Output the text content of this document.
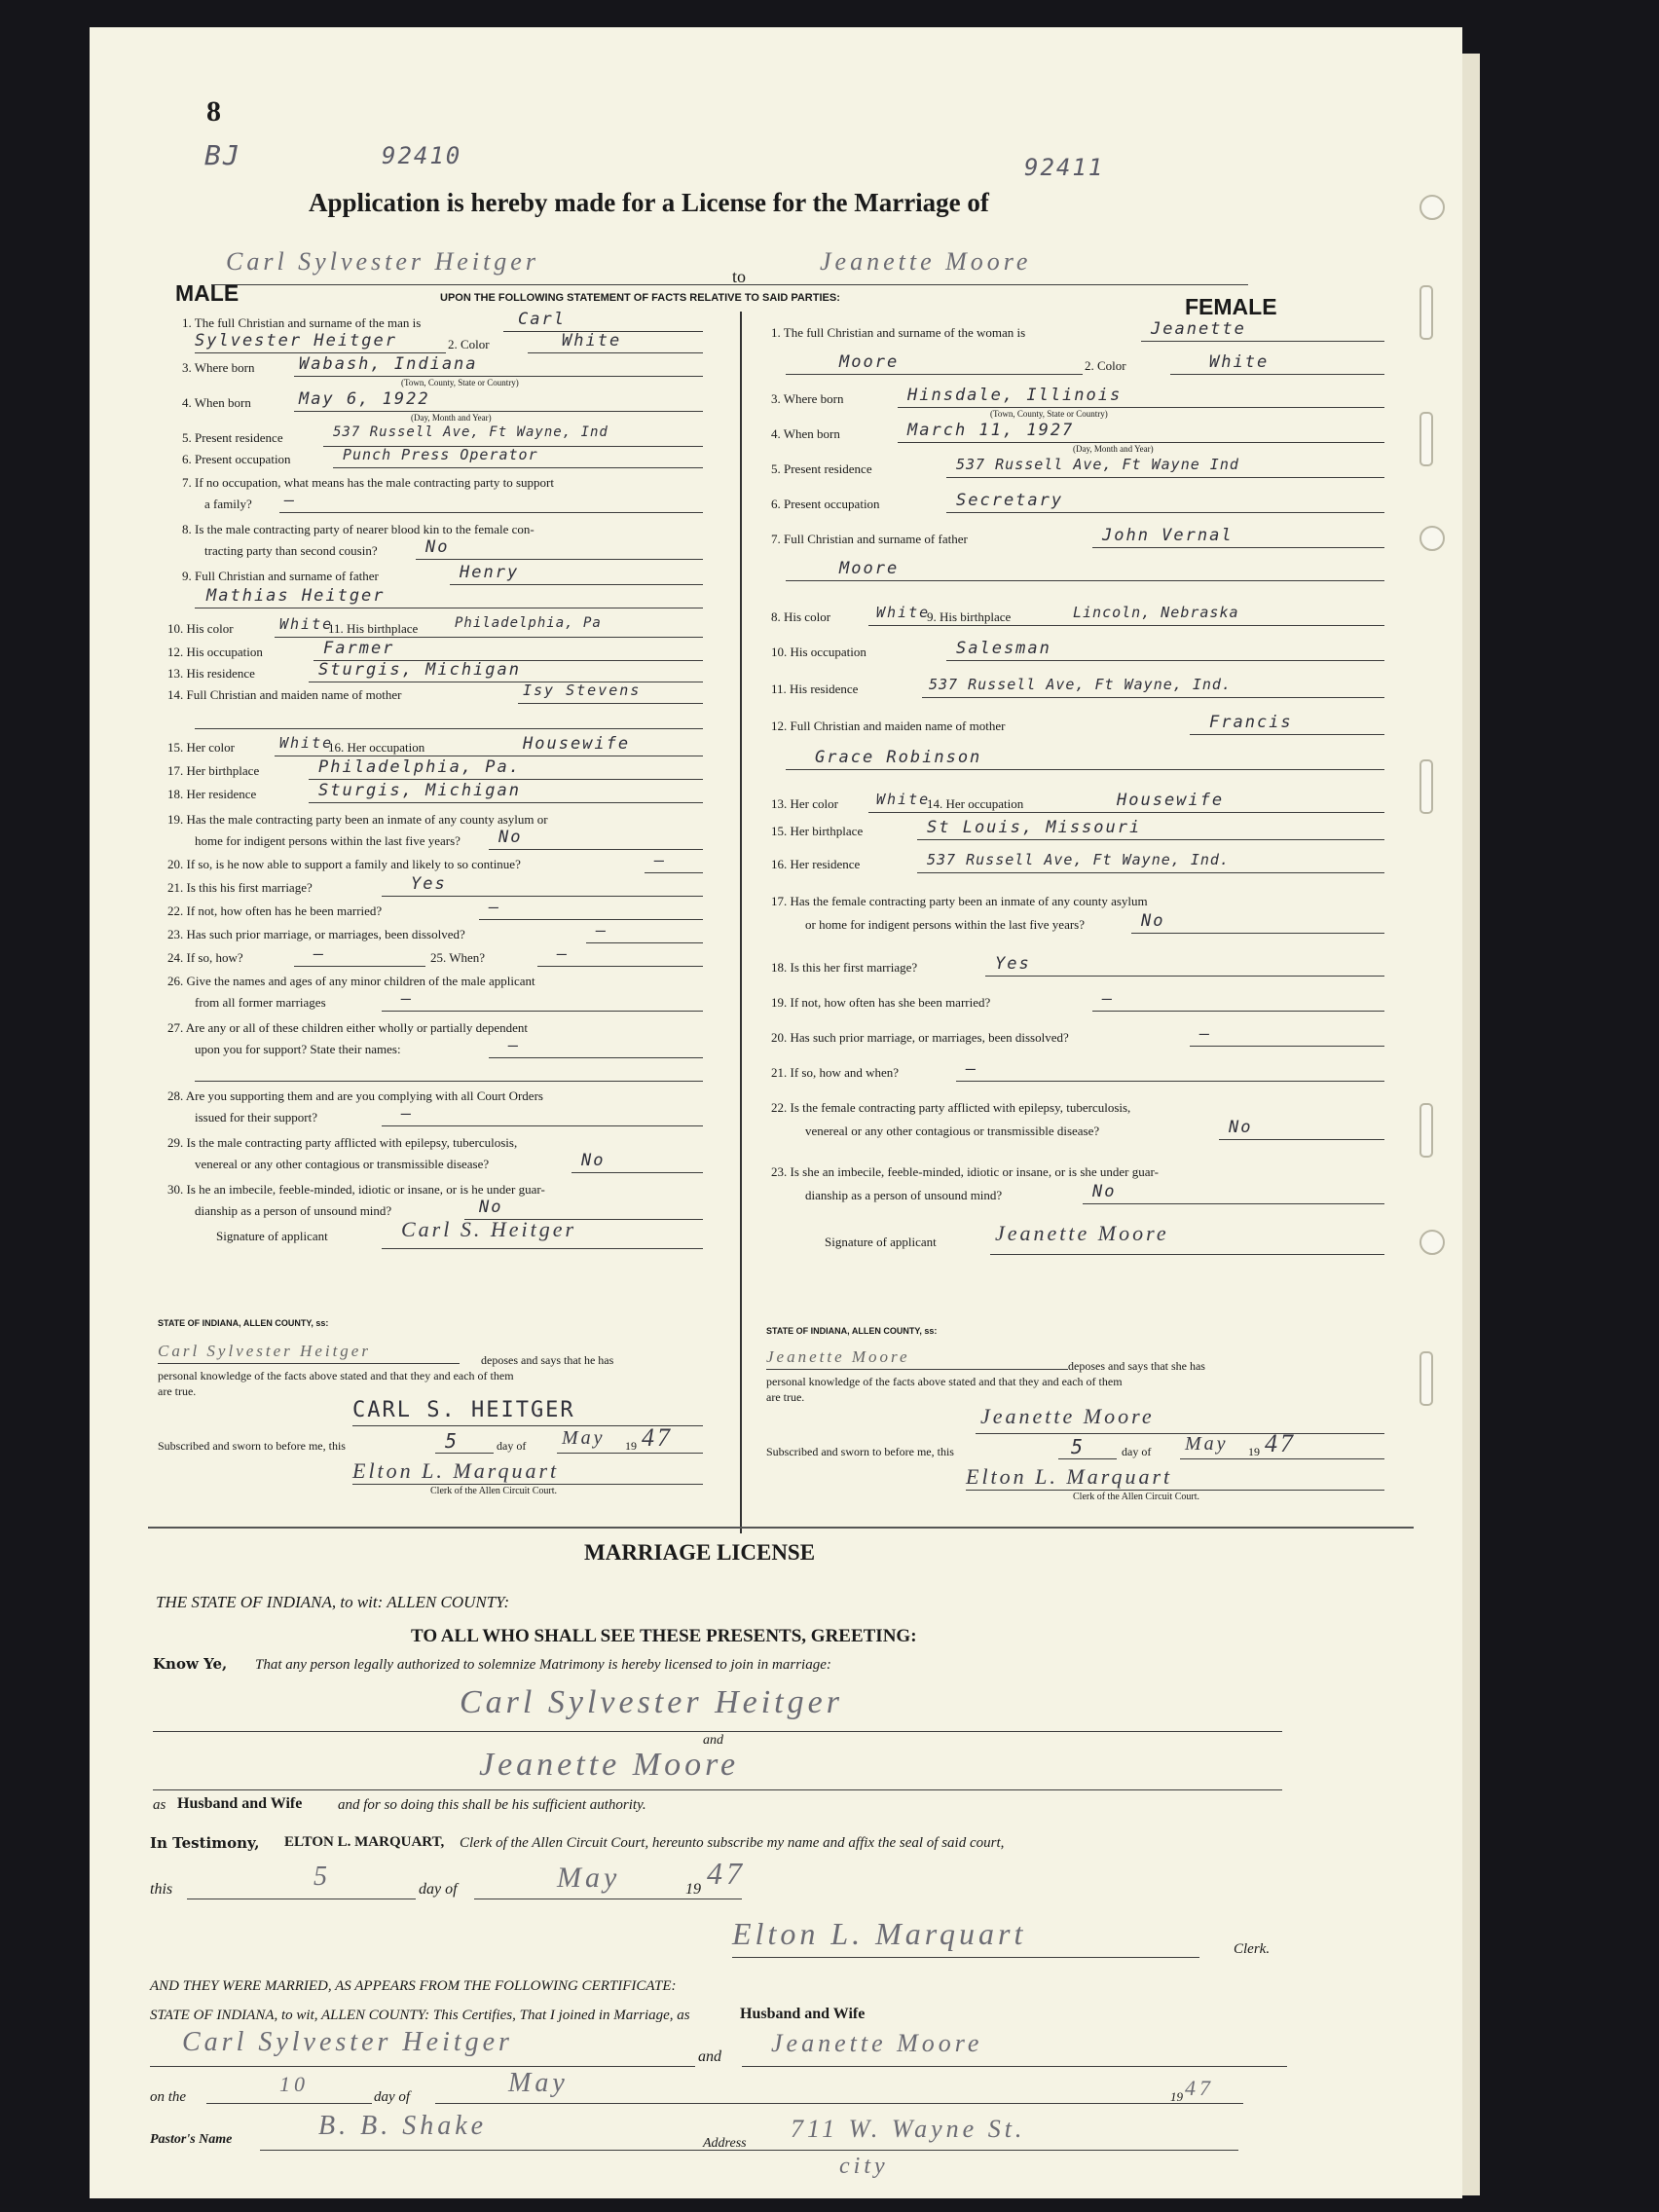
8
BJ	92410	92411
Application is hereby made for a License for the Marriage of
Carl Sylvester Heitger
to
Jeanette Moore
MALE	UPON THE FOLLOWING STATEMENT OF FACTS RELATIVE TO SAID PARTIES:	FEMALE
1. The full Christian and surname of the man is	Carl
Sylvester Heitger	2. Color	White
3. Where born	Wabash, Indiana
(Town, County, State or Country)
4. When born	May 6, 1922
(Day, Month and Year)
5. Present residence	537 Russell Ave, Ft Wayne, Ind
6. Present occupation	Punch Press Operator
7. If no occupation, what means has the male contracting party to support
a family? —
8. Is the male contracting party of nearer blood kin to the female con-
tracting party than second cousin?	No
9. Full Christian and surname of father	Henry
Mathias Heitger
10. His color	White
11. His birthplace	Philadelphia, Pa
12. His occupation	Farmer
13. His residence	Sturgis, Michigan
14. Full Christian and maiden name of mother	Isy Stevens
15. Her color	White
16. Her occupation	Housewife
17. Her birthplace	Philadelphia, Pa.
18. Her residence	Sturgis, Michigan
19. Has the male contracting party been an inmate of any county asylum or
home for indigent persons within the last five years? No
20. If so, is he now able to support a family and likely to so continue?	—
21. Is this his first marriage?	Yes
22. If not, how often has he been married?	—
23. Has such prior marriage, or marriages, been dissolved?	—
24. If so, how?	—	25. When?	—
26. Give the names and ages of any minor children of the male applicant
from all former marriages	—
27. Are any or all of these children either wholly or partially dependent
upon you for support? State their names:	—
28. Are you supporting them and are you complying with all Court Orders
issued for their support?	—
29. Is the male contracting party afflicted with epilepsy, tuberculosis,
venereal or any other contagious or transmissible disease?	No
30. Is he an imbecile, feeble-minded, idiotic or insane, or is he under guar-
dianship as a person of unsound mind?	No
Signature of applicant	Carl S. Heitger
STATE OF INDIANA, ALLEN COUNTY, ss:
Carl Sylvester Heitger	deposes and says that he has
personal knowledge of the facts above stated and that they and each of them
are true.
CARL S. HEITGER
Subscribed and sworn to before me, this	5	day of May 19 47
Elton L. Marquart
Clerk of the Allen Circuit Court.
1. The full Christian and surname of the woman is	Jeanette
Moore	2. Color	White
3. Where born	Hinsdale, Illinois
(Town, County, State or Country)
4. When born	March 11, 1927
(Day, Month and Year)
5. Present residence	537 Russell Ave, Ft Wayne Ind
6. Present occupation	Secretary
7. Full Christian and surname of father	John Vernal
Moore
8. His color	White
9. His birthplace	Lincoln, Nebraska
10. His occupation	Salesman
11. His residence	537 Russell Ave, Ft Wayne, Ind.
12. Full Christian and maiden name of mother	Francis
Grace Robinson
13. Her color	White
14. Her occupation	Housewife
15. Her birthplace	St Louis, Missouri
16. Her residence	537 Russell Ave, Ft Wayne, Ind.
17. Has the female contracting party been an inmate of any county asylum
or home for indigent persons within the last five years?	No
18. Is this her first marriage?	Yes
19. If not, how often has she been married?	—
20. Has such prior marriage, or marriages, been dissolved?	—
21. If so, how and when?	—
22. Is the female contracting party afflicted with epilepsy, tuberculosis,
venereal or any other contagious or transmissible disease?	No
23. Is she an imbecile, feeble-minded, idiotic or insane, or is she under guar-
dianship as a person of unsound mind?	No
Signature of applicant	Jeanette Moore
STATE OF INDIANA, ALLEN COUNTY, ss:
Jeanette Moore	deposes and says that she has
personal knowledge of the facts above stated and that they and each of them
are true.
Jeanette Moore
Subscribed and sworn to before me, this	5	day of May 19 47
Elton L. Marquart
Clerk of the Allen Circuit Court.
MARRIAGE LICENSE
THE STATE OF INDIANA, to wit: ALLEN COUNTY:
TO ALL WHO SHALL SEE THESE PRESENTS, GREETING:
Know Ye, That any person legally authorized to solemnize Matrimony is hereby licensed to join in marriage:
Carl Sylvester Heitger
and
Jeanette Moore
as Husband and Wife and for so doing this shall be his sufficient authority.
In Testimony, ELTON L. MARQUART, Clerk of the Allen Circuit Court, hereunto subscribe my name and affix the seal of said court,
this	5	day of	May	19 47
Elton L. Marquart	Clerk.
AND THEY WERE MARRIED, AS APPEARS FROM THE FOLLOWING CERTIFICATE:
STATE OF INDIANA, to wit, ALLEN COUNTY: This Certifies, That I joined in Marriage, as	Husband and Wife
Carl Sylvester Heitger	and Jeanette Moore
on the
10
day of	May	19 47
Pastor's Name	B. B. Shake
Address
711 W. Wayne St.
city
